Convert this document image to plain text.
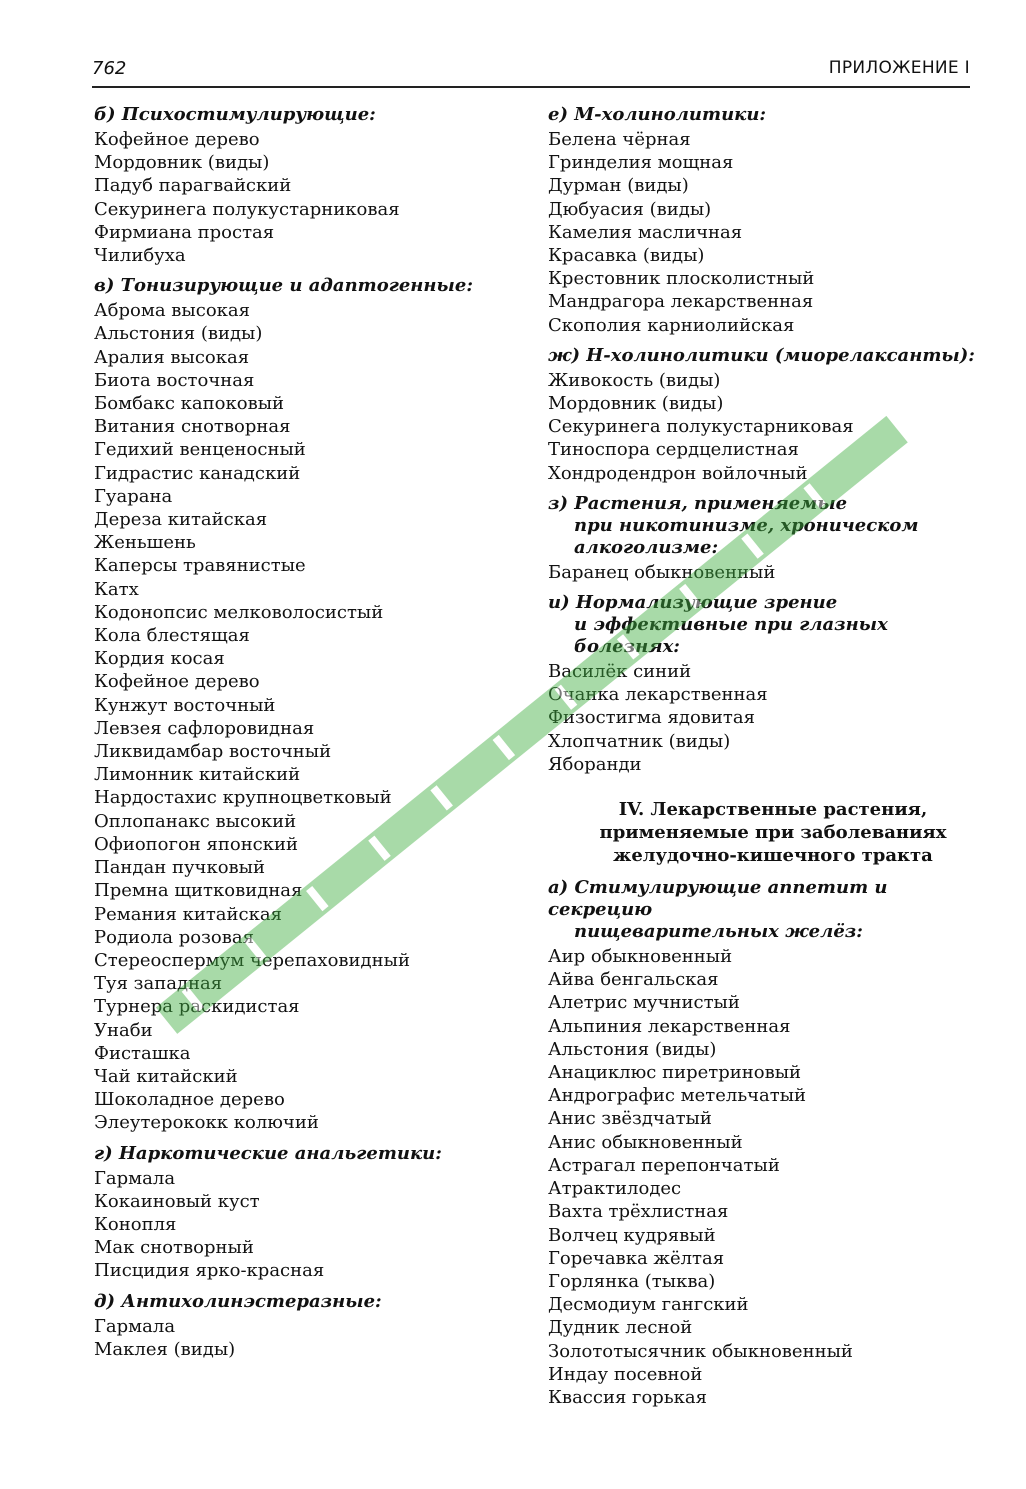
762	ПРИЛОЖЕНИЕ I
б) Психостимулирующие:
Кофейное дерево
Мордовник (виды)
Падуб парагвайский
Секуринега полукустарниковая
Фирмиана простая
Чилибуха
в) Тонизирующие и адаптогенные:
Аброма высокая
Альстония (виды)
Аралия высокая
Биота восточная
Бомбакс капоковый
Витания снотворная
Гедихий венценосный
Гидрастис канадский
Гуарана
Дереза китайская
Женьшень
Каперсы травянистые
Катх
Кодонопсис мелковолосистый
Кола блестящая
Кордия косая
Кофейное дерево
Кунжут восточный
Левзея сафлоровидная
Ликвидамбар восточный
Лимонник китайский
Нардостахис крупноцветковый
Оплопанакс высокий
Офиопогон японский
Пандан пучковый
Премна щитковидная
Ремания китайская
Родиола розовая
Стереоспермум черепаховидный
Туя западная
Турнера раскидистая
Унаби
Фисташка
Чай китайский
Шоколадное дерево
Элеутерококк колючий
г) Наркотические анальгетики:
Гармала
Кокаиновый куст
Конопля
Мак снотворный
Писцидия ярко-красная
д) Антихолинэстеразные:
Гармала
Маклея (виды)
е) М-холинолитики:
Белена чёрная
Гринделия мощная
Дурман (виды)
Дюбуасия (виды)
Камелия масличная
Красавка (виды)
Крестовник плосколистный
Мандрагора лекарственная
Скополия карниолийская
ж) Н-холинолитики (миорелаксанты):
Живокость (виды)
Мордовник (виды)
Секуринега полукустарниковая
Тиноспора сердцелистная
Хондродендрон войлочный
з) Растения, применяемые
при никотинизме, хроническом
алкоголизме:
Баранец обыкновенный
и) Нормализующие зрение
и эффективные при глазных болезнях:
Василёк синий
Очанка лекарственная
Физостигма ядовитая
Хлопчатник (виды)
Яборанди
IV. Лекарственные растения,
применяемые при заболеваниях
желудочно-кишечного тракта
а) Стимулирующие аппетит и секрецию
пищеварительных желёз:
Аир обыкновенный
Айва бенгальская
Алетрис мучнистый
Альпиния лекарственная
Альстония (виды)
Анациклюс пиретриновый
Андрографис метельчатый
Анис звёздчатый
Анис обыкновенный
Астрагал перепончатый
Атрактилодес
Вахта трёхлистная
Волчец кудрявый
Горечавка жёлтая
Горлянка (тыква)
Десмодиум гангский
Дудник лесной
Золототысячник обыкновенный
Индау посевной
Квассия горькая
